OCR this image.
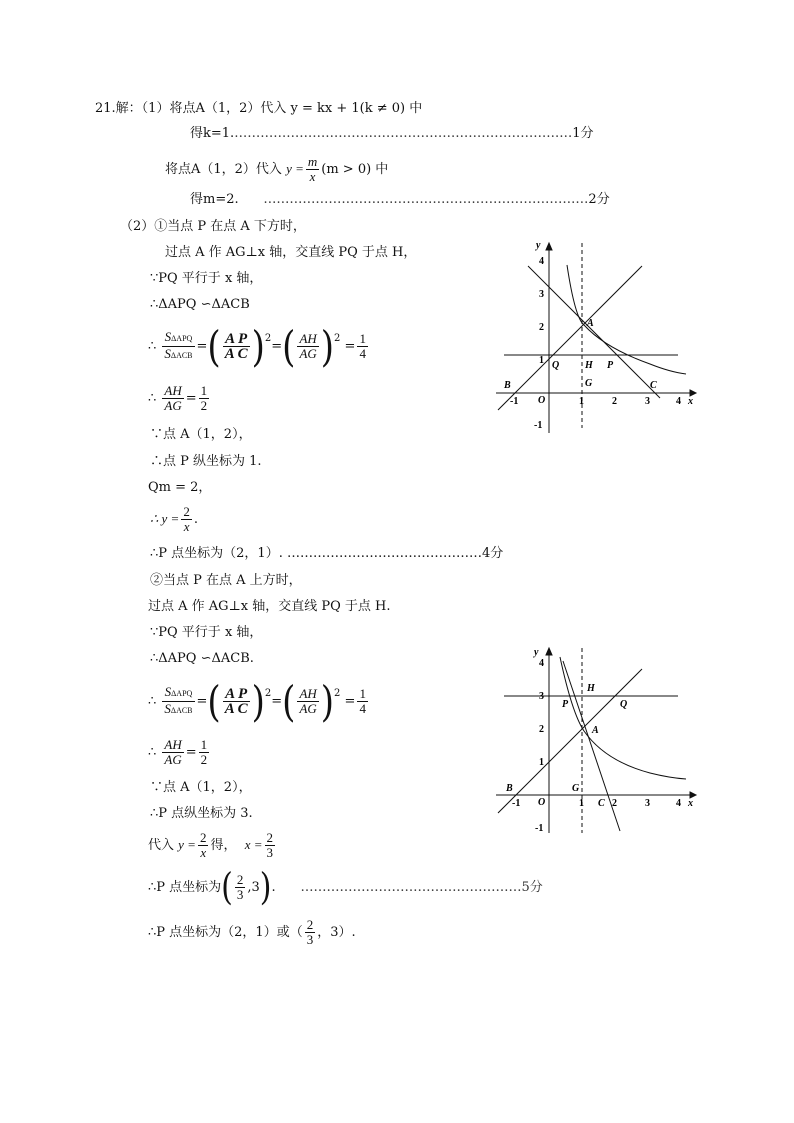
21.解：（1）将点A（1，2）代入 y = kx + 1(k ≠ 0) 中
得k=1.……………………………………………………………………1分
将点A（1，2）代入 $y = \frac{m}{x} (m > 0)$ 中
得m=2. …………………………………………………………………2分
（2）①当点 P 在点 A 下方时，
过点 A 作 AG⊥x 轴，交直线 PQ 于点 H，
∵PQ 平行于 x 轴，
∴ΔAPQ ∽ΔACB
∴ $\frac{\text{SΔAPQ}}{\text{SΔACB}}$ =( $\frac{\text{A P}}{\text{A C}} )^2=( \frac{AH}{AG} )^2 = \frac{1}{4}$
∴ $\frac{AH}{AG} = \frac{1}{2}$
∵点 A（1，2），
∴点 P 纵坐标为 1.
Qm = 2，
∴ $y = \frac{2}{x}$ .
∴P 点坐标为（2，1）. ………………………………………4分
②当点 P 在点 A 上方时，
过点 A 作 AG⊥x 轴，交直线 PQ 于点 H.
∵PQ 平行于 x 轴，
∴ΔAPQ ∽ΔACB.
∴ $\frac{\text{SΔAPQ}}{\text{SΔACB}}$ =( $\frac{\text{A P}}{\text{A C}} )^2=( \frac{AH}{AG} )^2 = \frac{1}{4}$
∴ $\frac{AH}{AG} = \frac{1}{2}$
∵点 A（1，2），
∴P 点纵坐标为 3.
代入 $y = \frac{2}{x}$ 得， $x = \frac{2}{3}$
∴P 点坐标为( $\frac{2}{3} ,3$).      ……………………………………………5分
∴P 点坐标为（2，1）或（ $\frac{2}{3}$ ，3）.
y
x
O
A
Q	H P
G
B	C
-1	1	2	3	4
-1
1
2
3
4
y
x
O
A
H
P	Q
G
B
C
-1	1	2	3	4
-1
1
2
3
4
